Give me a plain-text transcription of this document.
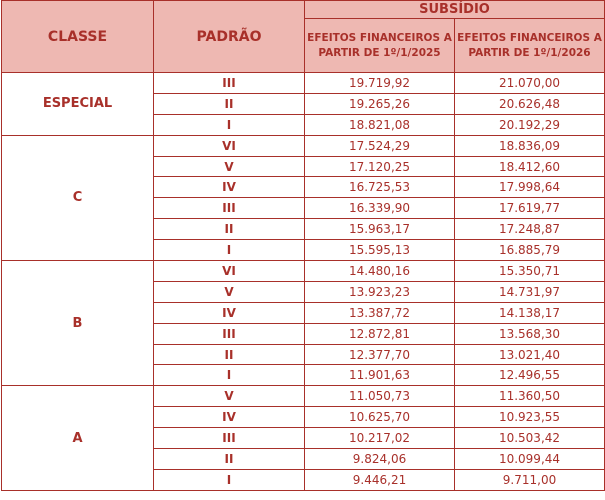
CLASSE	PADRÃO	SUBSÍDIO	
		EFEITOS FINANCEIROS A PARTIR DE 1º/1/2025	EFEITOS FINANCEIROS A PARTIR DE 1º/1/2026
ESPECIAL	III	19.719,92	21.070,00
	II	19.265,26	20.626,48
	I	18.821,08	20.192,29
C	VI	17.524,29	18.836,09
	V	17.120,25	18.412,60
	IV	16.725,53	17.998,64
	III	16.339,90	17.619,77
	II	15.963,17	17.248,87
	I	15.595,13	16.885,79
B	VI	14.480,16	15.350,71
	V	13.923,23	14.731,97
	IV	13.387,72	14.138,17
	III	12.872,81	13.568,30
	II	12.377,70	13.021,40
	I	11.901,63	12.496,55
A	V	11.050,73	11.360,50
	IV	10.625,70	10.923,55
	III	10.217,02	10.503,42
	II	9.824,06	10.099,44
	I	9.446,21	9.711,00
